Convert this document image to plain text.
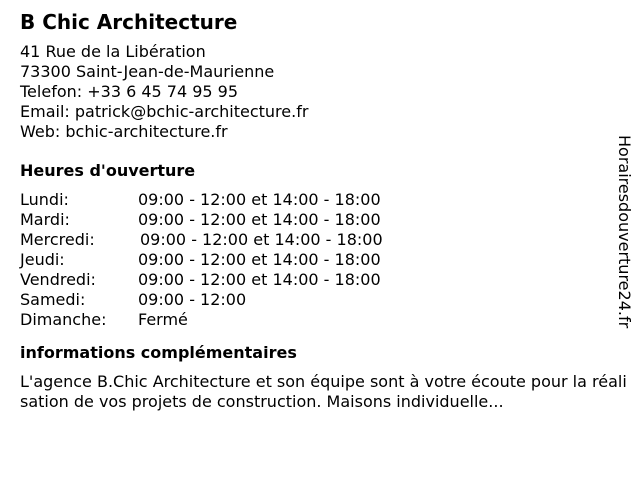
B Chic Architecture
41 Rue de la Libération
73300 Saint-Jean-de-Maurienne
Telefon: +33 6 45 74 95 95
Email: patrick@bchic-architecture.fr
Web: bchic-architecture.fr
Heures d'ouverture
Lundi:	09:00 - 12:00 et 14:00 - 18:00
Mardi:	09:00 - 12:00 et 14:00 - 18:00
Mercredi:	09:00 - 12:00 et 14:00 - 18:00
Jeudi:	09:00 - 12:00 et 14:00 - 18:00
Vendredi:	09:00 - 12:00 et 14:00 - 18:00
Samedi:	09:00 - 12:00
Dimanche: Fermé
informations complémentaires

L'agence B.Chic Architecture et son équipe sont à votre écoute pour la réalisation de vos projets de construction. Maisons individuelle...

Horairesdouverture24.fr
